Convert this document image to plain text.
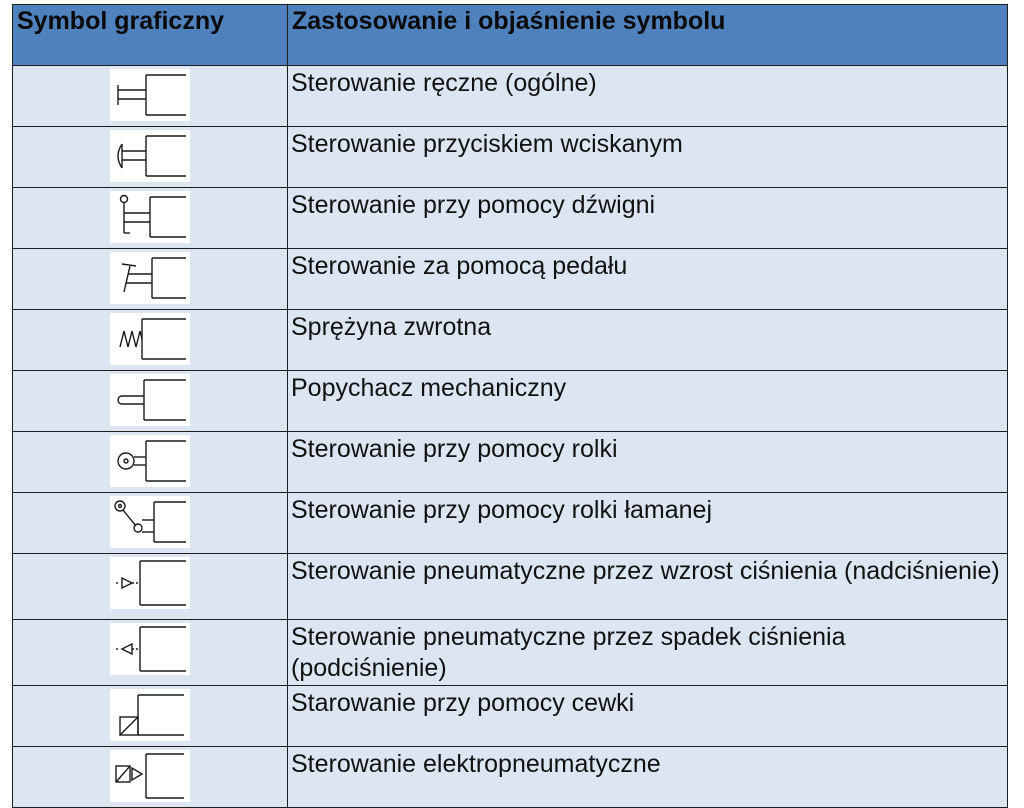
Symbol graficzny	Zastosowanie i objaśnienie symbolu

	Sterowanie ręczne (ogólne)

	Sterowanie przyciskiem wciskanym

	Sterowanie przy pomocy dźwigni

	Sterowanie za pomocą pedału

	Sprężyna zwrotna

	Popychacz mechaniczny

	Sterowanie przy pomocy rolki

	Sterowanie przy pomocy rolki łamanej

	Sterowanie pneumatyczne przez wzrost ciśnienia (nadciśnienie)

	Sterowanie pneumatyczne przez spadek ciśnienia (podciśnienie)

	Starowanie przy pomocy cewki

	Sterowanie elektropneumatyczne
